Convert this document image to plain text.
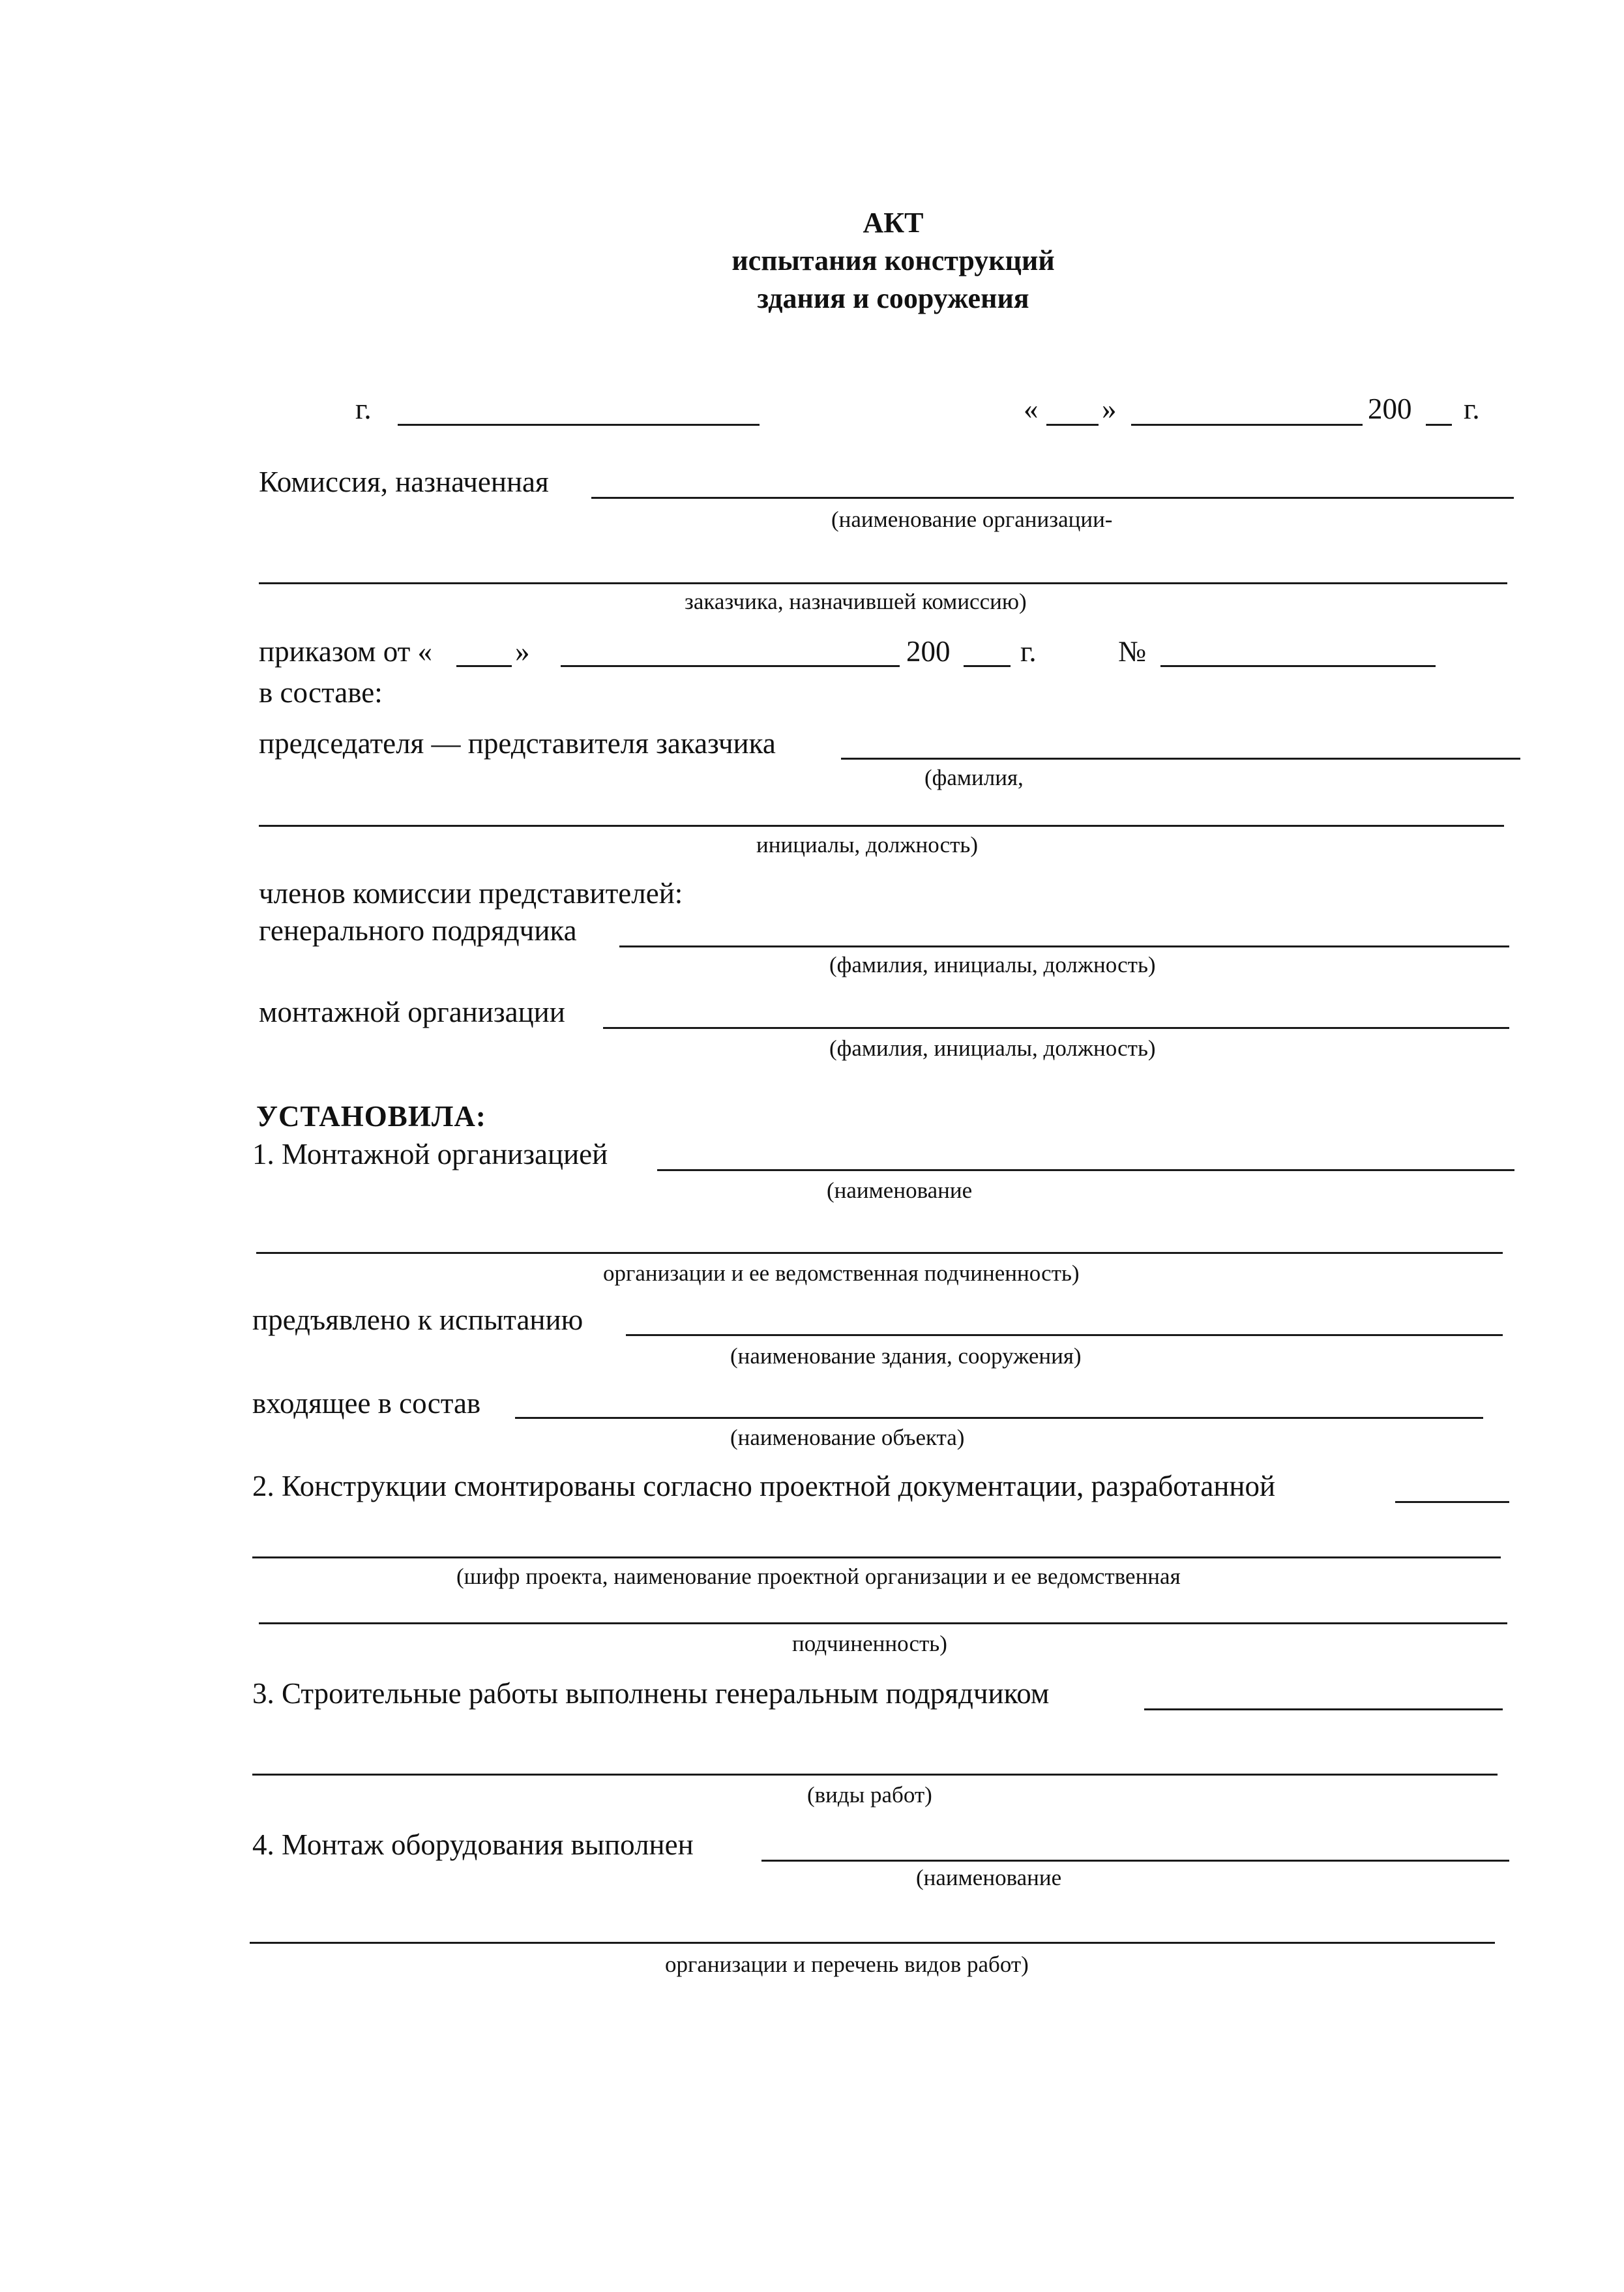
АКТ
испытания конструкций
здания и сооружения
г.	« »	200 г.
Комиссия, назначенная
(наименование организации-
заказчика, назначившей комиссию)
приказом от «	»	200 г.	№
в составе:
председателя — представителя заказчика
(фамилия,
инициалы, должность)
членов комиссии представителей:
генерального подрядчика
(фамилия, инициалы, должность)
монтажной организации
(фамилия, инициалы, должность)
УСТАНОВИЛА:
1. Монтажной организацией
(наименование
организации и ее ведомственная подчиненность)
предъявлено к испытанию
(наименование здания, сооружения)
входящее в состав
(наименование объекта)
2. Конструкции смонтированы согласно проектной документации, разработанной
(шифр проекта, наименование проектной организации и ее ведомственная
подчиненность)
3. Строительные работы выполнены генеральным подрядчиком
(виды работ)
4. Монтаж оборудования выполнен
(наименование
организации и перечень видов работ)
